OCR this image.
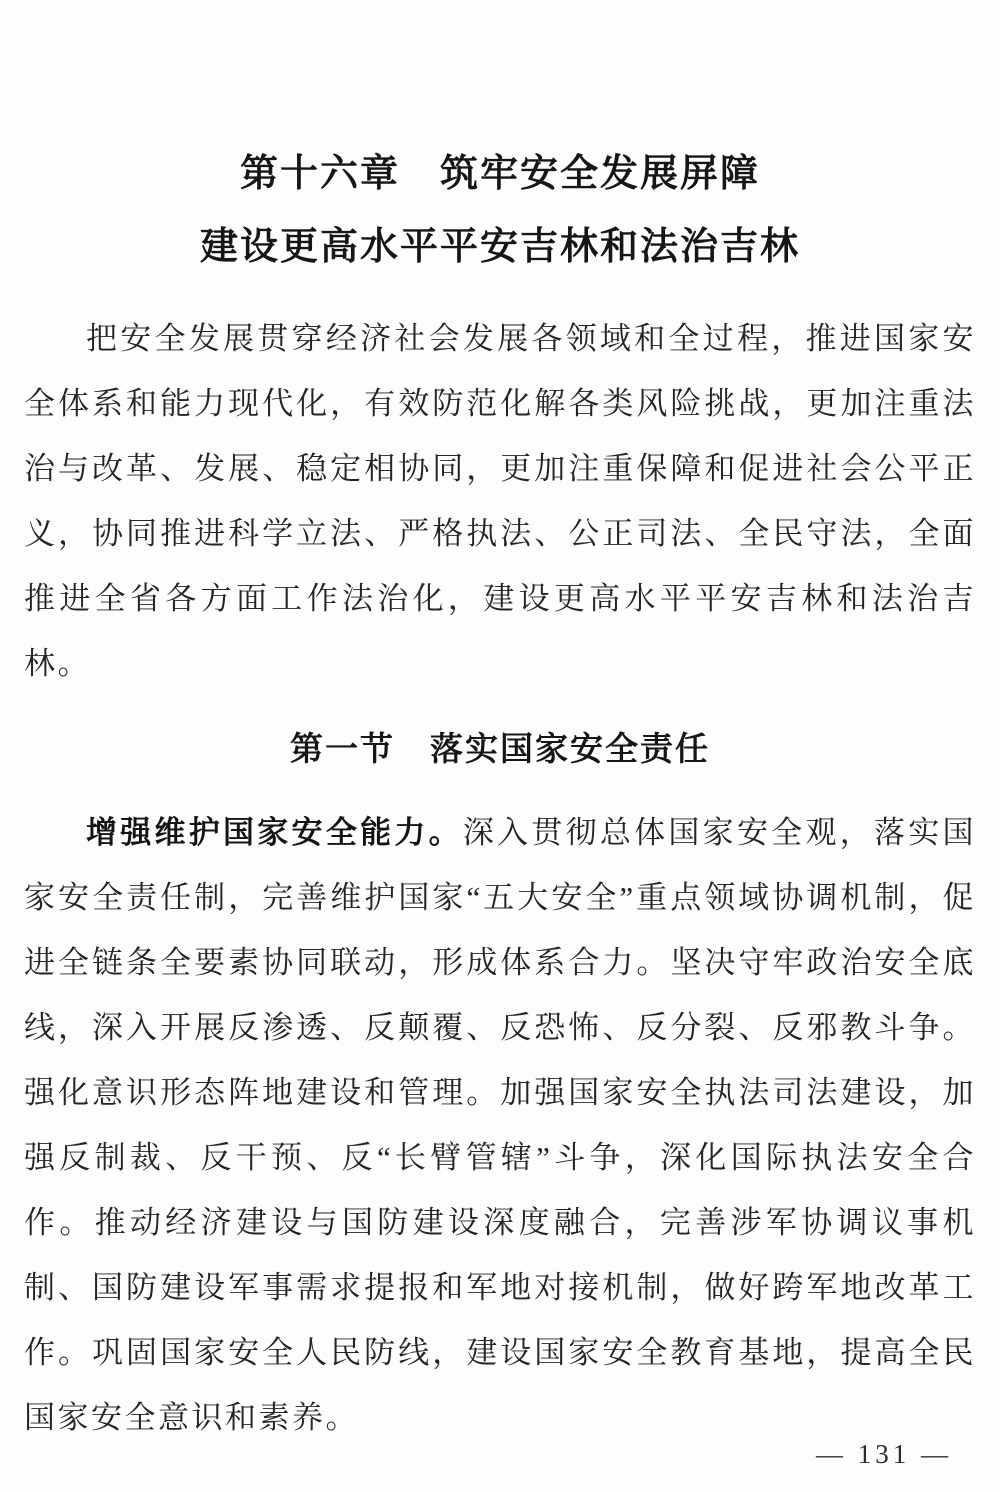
第十六章　筑牢安全发展屏障
建设更高水平平安吉林和法治吉林

把安全发展贯穿经济社会发展各领域和全过程，推进国家安全体系和能力现代化，有效防范化解各类风险挑战，更加注重法治与改革、发展、稳定相协同，更加注重保障和促进社会公平正义，协同推进科学立法、严格执法、公正司法、全民守法，全面推进全省各方面工作法治化，建设更高水平平安吉林和法治吉林。

第一节　落实国家安全责任

增强维护国家安全能力。深入贯彻总体国家安全观，落实国家安全责任制，完善维护国家“五大安全”重点领域协调机制，促进全链条全要素协同联动，形成体系合力。坚决守牢政治安全底线，深入开展反渗透、反颠覆、反恐怖、反分裂、反邪教斗争。强化意识形态阵地建设和管理。加强国家安全执法司法建设，加强反制裁、反干预、反“长臂管辖”斗争，深化国际执法安全合作。推动经济建设与国防建设深度融合，完善涉军协调议事机制、国防建设军事需求提报和军地对接机制，做好跨军地改革工作。巩固国家安全人民防线，建设国家安全教育基地，提高全民国家安全意识和素养。

— 131 —
